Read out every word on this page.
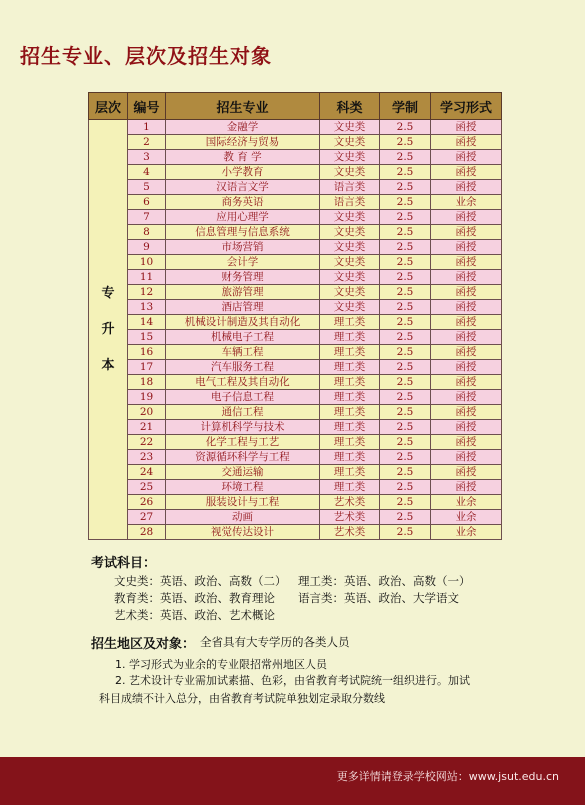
招生专业、层次及招生对象
层次	编号	招生专业	科类	学制	学习形式
专
升
本	1	金融学	文史类	2.5	函授
	2	国际经济与贸易	文史类	2.5	函授
	3	教 育 学	文史类	2.5	函授
	4	小学教育	文史类	2.5	函授
	5	汉语言文学	语言类	2.5	函授
	6	商务英语	语言类	2.5	业余
	7	应用心理学	文史类	2.5	函授
	8	信息管理与信息系统	文史类	2.5	函授
	9	市场营销	文史类	2.5	函授
	10	会计学	文史类	2.5	函授
	11	财务管理	文史类	2.5	函授
	12	旅游管理	文史类	2.5	函授
	13	酒店管理	文史类	2.5	函授
	14	机械设计制造及其自动化	理工类	2.5	函授
	15	机械电子工程	理工类	2.5	函授
	16	车辆工程	理工类	2.5	函授
	17	汽车服务工程	理工类	2.5	函授
	18	电气工程及其自动化	理工类	2.5	函授
	19	电子信息工程	理工类	2.5	函授
	20	通信工程	理工类	2.5	函授
	21	计算机科学与技术	理工类	2.5	函授
	22	化学工程与工艺	理工类	2.5	函授
	23	资源循环科学与工程	理工类	2.5	函授
	24	交通运输	理工类	2.5	函授
	25	环境工程	理工类	2.5	函授
	26	服装设计与工程	艺术类	2.5	业余
	27	动画	艺术类	2.5	业余
	28	视觉传达设计	艺术类	2.5	业余
考试科目：
文史类：英语、政治、高数（二） 理工类：英语、政治、高数（一）
教育类：英语、政治、教育理论 语言类：英语、政治、大学语文
艺术类：英语、政治、艺术概论
招生地区及对象： 全省具有大专学历的各类人员
1. 学习形式为业余的专业限招常州地区人员
2. 艺术设计专业需加试素描、色彩，由省教育考试院统一组织进行。加试
科目成绩不计入总分，由省教育考试院单独划定录取分数线
更多详情请登录学校网站：www.jsut.edu.cn
